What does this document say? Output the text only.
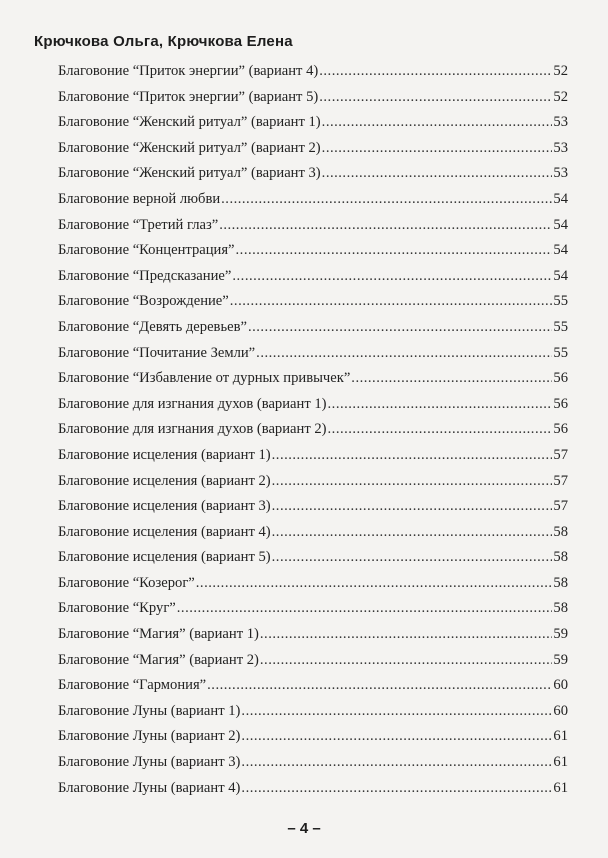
Крючкова Ольга, Крючкова Елена
Благовоние “Приток энергии” (вариант 4) .....	52
Благовоние “Приток энергии” (вариант 5) .....	52
Благовоние “Женский ритуал” (вариант 1) .....	53
Благовоние “Женский ритуал” (вариант 2) .....	53
Благовоние “Женский ритуал” (вариант 3) .....	53
Благовоние верной любви .....	54
Благовоние “Третий глаз” .....	54
Благовоние “Концентрация” .....	54
Благовоние “Предсказание” .....	54
Благовоние “Возрождение” .....	55
Благовоние “Девять деревьев” .....	55
Благовоние “Почитание Земли” .....	55
Благовоние “Избавление от дурных привычек” .....	56
Благовоние для изгнания духов (вариант 1) .....	56
Благовоние для изгнания духов (вариант 2) .....	56
Благовоние исцеления (вариант 1) .....	57
Благовоние исцеления (вариант 2) .....	57
Благовоние исцеления (вариант 3) .....	57
Благовоние исцеления (вариант 4) .....	58
Благовоние исцеления (вариант 5) .....	58
Благовоние “Козерог” .....	58
Благовоние “Круг” .....	58
Благовоние “Магия” (вариант 1) .....	59
Благовоние “Магия” (вариант 2) .....	59
Благовоние “Гармония” .....	60
Благовоние Луны (вариант 1) .....	60
Благовоние Луны (вариант 2) .....	61
Благовоние Луны (вариант 3) .....	61
Благовоние Луны (вариант 4) .....	61
– 4 –
